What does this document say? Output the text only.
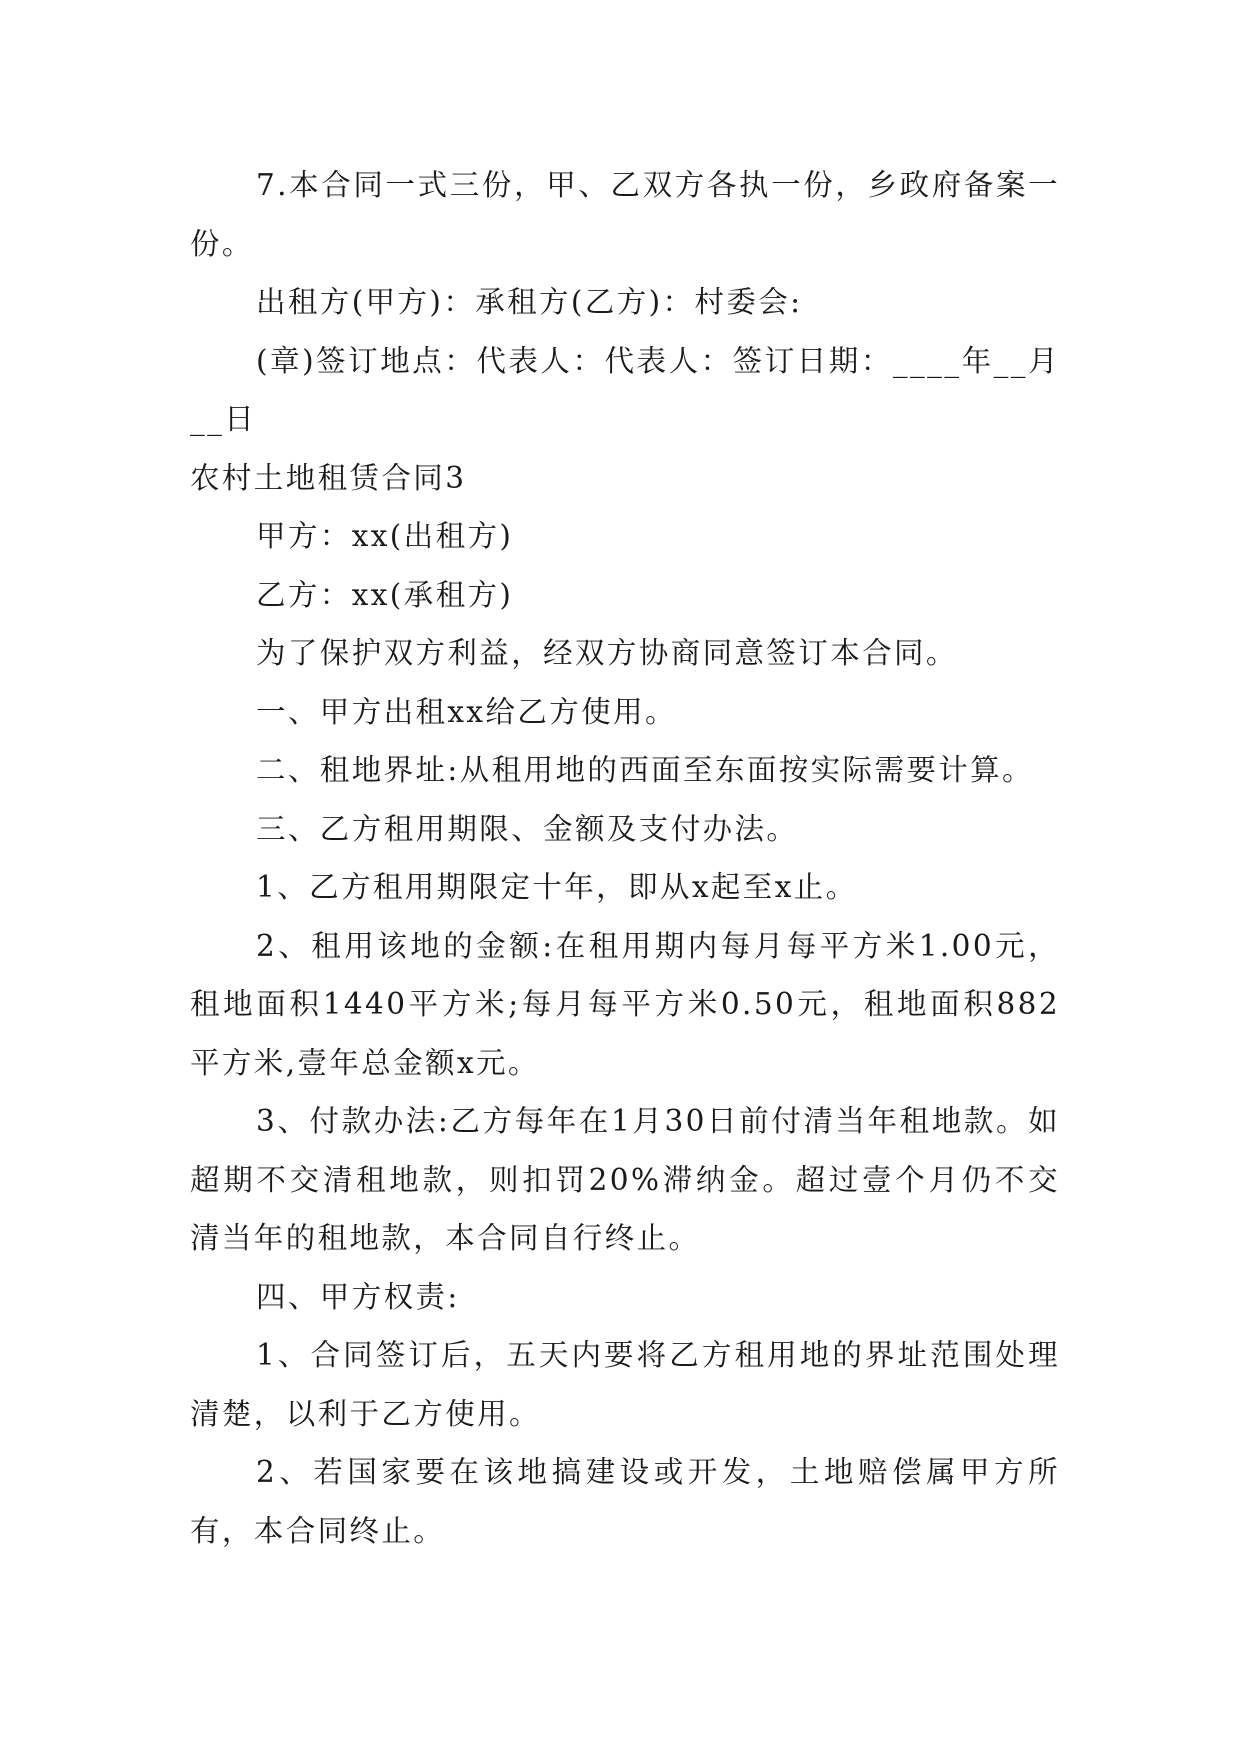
7.本合同一式三份，甲、乙双方各执一份，乡政府备案一份。

出租方(甲方)：承租方(乙方)：村委会:

(章)签订地点：代表人：代表人：签订日期：____年__月__日

农村土地租赁合同3

甲方：xx(出租方)

乙方：xx(承租方)

为了保护双方利益，经双方协商同意签订本合同。

一、甲方出租xx给乙方使用。

二、租地界址:从租用地的西面至东面按实际需要计算。

三、乙方租用期限、金额及支付办法。

1、乙方租用期限定十年，即从x起至x止。

2、租用该地的金额:在租用期内每月每平方米1.00元，租地面积1440平方米;每月每平方米0.50元，租地面积882平方米,壹年总金额x元。

3、付款办法:乙方每年在1月30日前付清当年租地款。如超期不交清租地款，则扣罚20%滞纳金。超过壹个月仍不交清当年的租地款，本合同自行终止。

四、甲方权责:

1、合同签订后，五天内要将乙方租用地的界址范围处理清楚，以利于乙方使用。

2、若国家要在该地搞建设或开发，土地赔偿属甲方所有，本合同终止。
